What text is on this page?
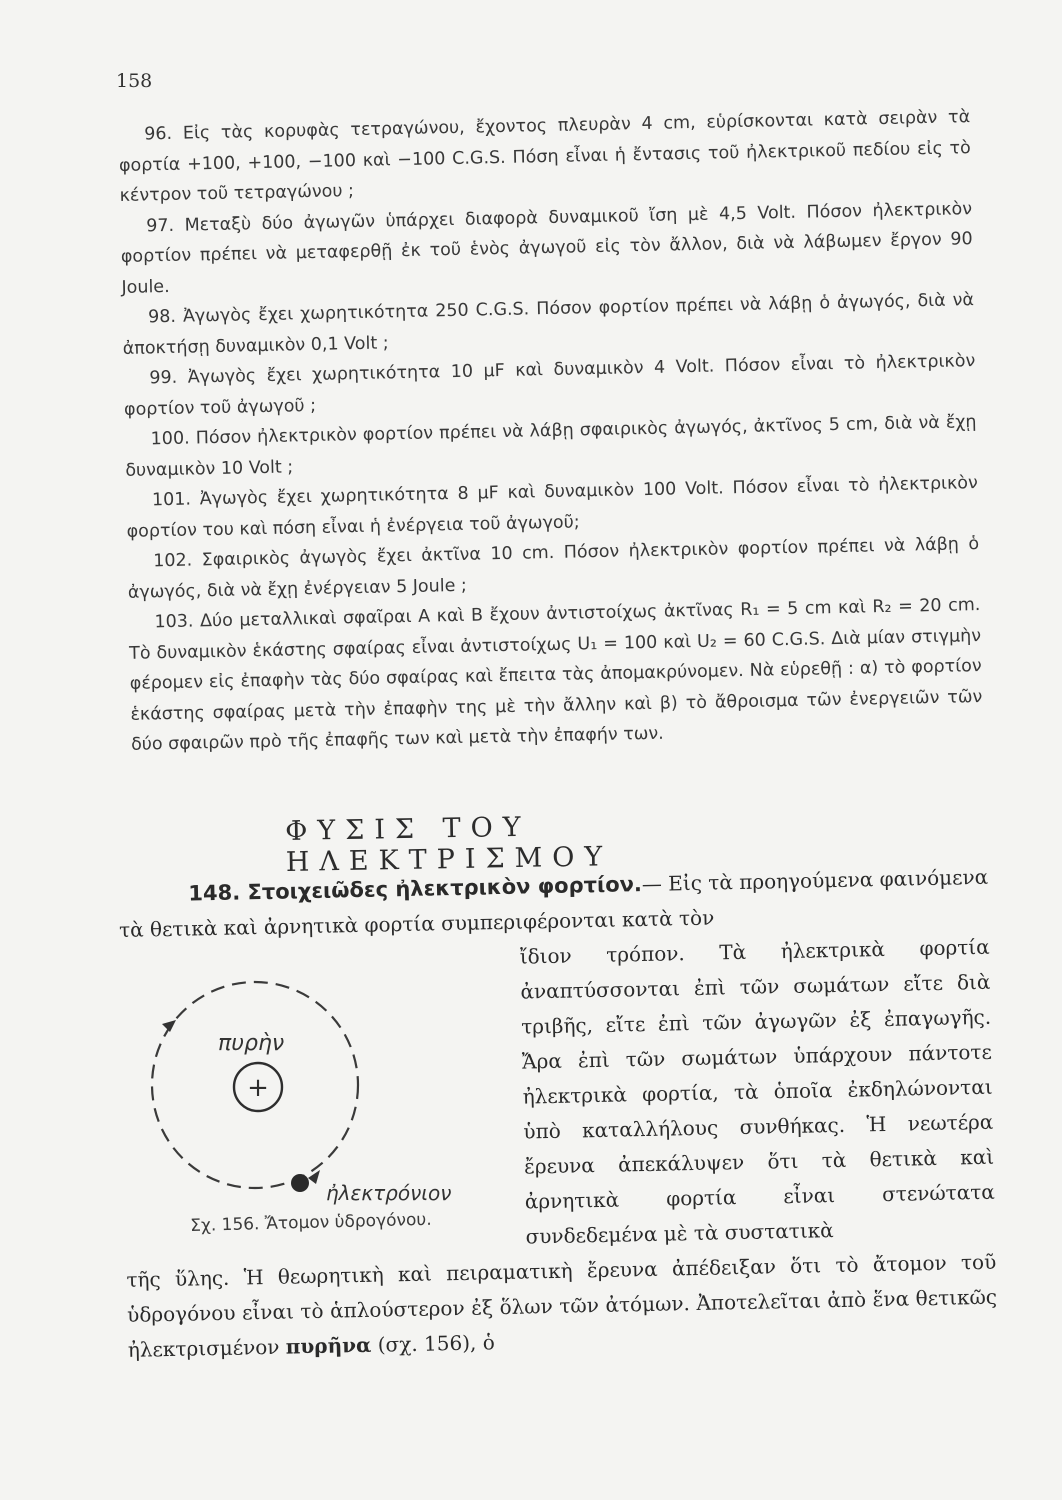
158

96. Εἰς τὰς κορυφὰς τετραγώνου, ἔχοντος πλευρὰν 4 cm, εὑρίσκονται κατὰ σειρὰν τὰ φορτία +100, +100, −100 καὶ −100 C.G.S. Πόση εἶναι ἡ ἔντασις τοῦ ἠλεκτρικοῦ πεδίου εἰς τὸ κέντρον τοῦ τετραγώνου ;

97. Μεταξὺ δύο ἀγωγῶν ὑπάρχει διαφορὰ δυναμικοῦ ἴση μὲ 4,5 Volt. Πόσον ἠλεκτρικὸν φορτίον πρέπει νὰ μεταφερθῇ ἐκ τοῦ ἑνὸς ἀγωγοῦ εἰς τὸν ἄλλον, διὰ νὰ λάβωμεν ἔργον 90 Joule.

98. Ἀγωγὸς ἔχει χωρητικότητα 250 C.G.S. Πόσον φορτίον πρέπει νὰ λάβῃ ὁ ἀγωγός, διὰ νὰ ἀποκτήσῃ δυναμικὸν 0,1 Volt ;

99. Ἀγωγὸς ἔχει χωρητικότητα 10 μF καὶ δυναμικὸν 4 Volt. Πόσον εἶναι τὸ ἠλεκτρικὸν φορτίον τοῦ ἀγωγοῦ ;

100. Πόσον ἠλεκτρικὸν φορτίον πρέπει νὰ λάβῃ σφαιρικὸς ἀγωγός, ἀκτῖνος 5 cm, διὰ νὰ ἔχῃ δυναμικὸν 10 Volt ;

101. Ἀγωγὸς ἔχει χωρητικότητα 8 μF καὶ δυναμικὸν 100 Volt. Πόσον εἶναι τὸ ἠλεκτρικὸν φορτίον του καὶ πόση εἶναι ἡ ἐνέργεια τοῦ ἀγωγοῦ;

102. Σφαιρικὸς ἀγωγὸς ἔχει ἀκτῖνα 10 cm. Πόσον ἠλεκτρικὸν φορτίον πρέπει νὰ λάβῃ ὁ ἀγωγός, διὰ νὰ ἔχῃ ἐνέργειαν 5 Joule ;

103. Δύο μεταλλικαὶ σφαῖραι Α καὶ Β ἔχουν ἀντιστοίχως ἀκτῖνας R₁ = 5 cm καὶ R₂ = 20 cm. Τὸ δυναμικὸν ἑκάστης σφαίρας εἶναι ἀντιστοίχως U₁ = 100 καὶ U₂ = 60 C.G.S. Διὰ μίαν στιγμὴν φέρομεν εἰς ἐπαφὴν τὰς δύο σφαίρας καὶ ἔπειτα τὰς ἀπομακρύνομεν. Νὰ εὑρεθῇ : α) τὸ φορτίον ἑκάστης σφαίρας μετὰ τὴν ἐπαφὴν της μὲ τὴν ἄλλην καὶ β) τὸ ἄθροισμα τῶν ἐνεργειῶν τῶν δύο σφαιρῶν πρὸ τῆς ἐπαφῆς των καὶ μετὰ τὴν ἐπαφήν των.

ΦΥΣΙΣ ΤΟΥ ΗΛΕΚΤΡΙΣΜΟΥ

148. Στοιχειῶδες ἠλεκτρικὸν φορτίον.— Εἰς τὰ προηγούμενα φαινόμενα τὰ θετικὰ καὶ ἀρνητικὰ φορτία συμπεριφέρονται κατὰ τὸν

ἴδιον τρόπον. Τὰ ἠλεκτρικὰ φορτία ἀναπτύσσονται ἐπὶ τῶν σωμάτων εἴτε διὰ τριβῆς, εἴτε ἐπὶ τῶν ἀγωγῶν ἐξ ἐπαγωγῆς. Ἄρα ἐπὶ τῶν σωμάτων ὑπάρχουν πάντοτε ἠλεκτρικὰ φορτία, τὰ ὁποῖα ἐκδηλώνονται ὑπὸ καταλλήλους συνθήκας. Ἡ νεωτέρα ἔρευνα ἀπεκάλυψεν ὅτι τὰ θετικὰ καὶ ἀρνητικὰ φορτία εἶναι στενώτατα συνδεδεμένα μὲ τὰ συστατικὰ

τῆς ὕλης. Ἡ θεωρητικὴ καὶ πειραματικὴ ἔρευνα ἀπέδειξαν ὅτι τὸ ἄτομον τοῦ ὑδρογόνου εἶναι τὸ ἁπλούστερον ἐξ ὅλων τῶν ἀτόμων. Ἀποτελεῖται ἀπὸ ἕνα θετικῶς ἠλεκτρισμένον πυρῆνα (σχ. 156), ὁ

+
πυρὴν
ἠλεκτρόνιον
Σχ. 156. Ἄτομον ὑδρογόνου.
